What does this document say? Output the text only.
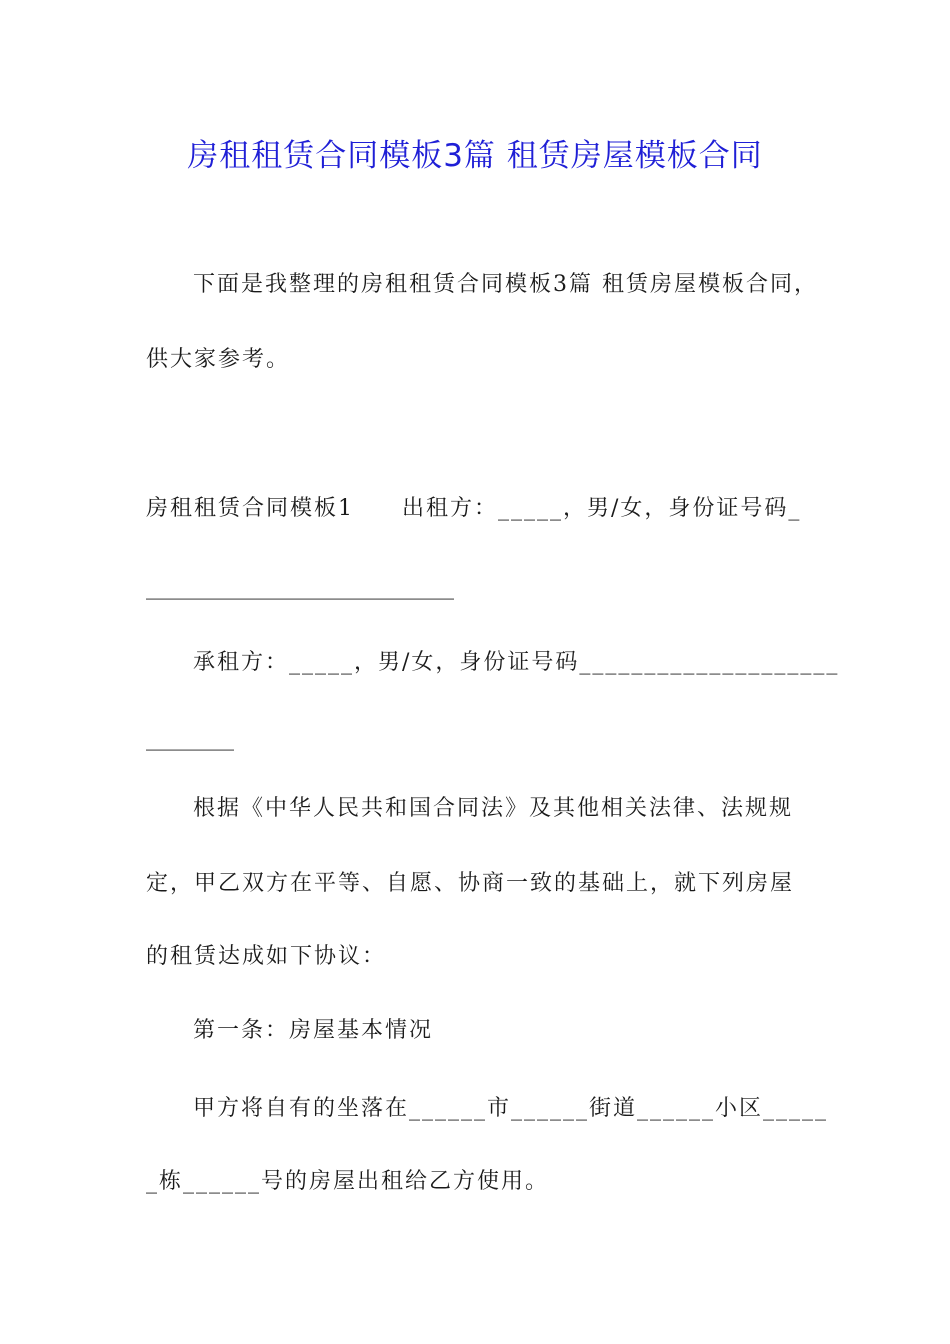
房租租赁合同模板3篇 租赁房屋模板合同
下面是我整理的房租租赁合同模板3篇 租赁房屋模板合同，
供大家参考。
房租租赁合同模板1　　出租方：_____，男/女，身份证号码_
____________________________
承租方：_____，男/女，身份证号码____________________
________
根据《中华人民共和国合同法》及其他相关法律、法规规
定，甲乙双方在平等、自愿、协商一致的基础上，就下列房屋
的租赁达成如下协议：
第一条：房屋基本情况
甲方将自有的坐落在______市______街道______小区_____
_栋______号的房屋出租给乙方使用。
